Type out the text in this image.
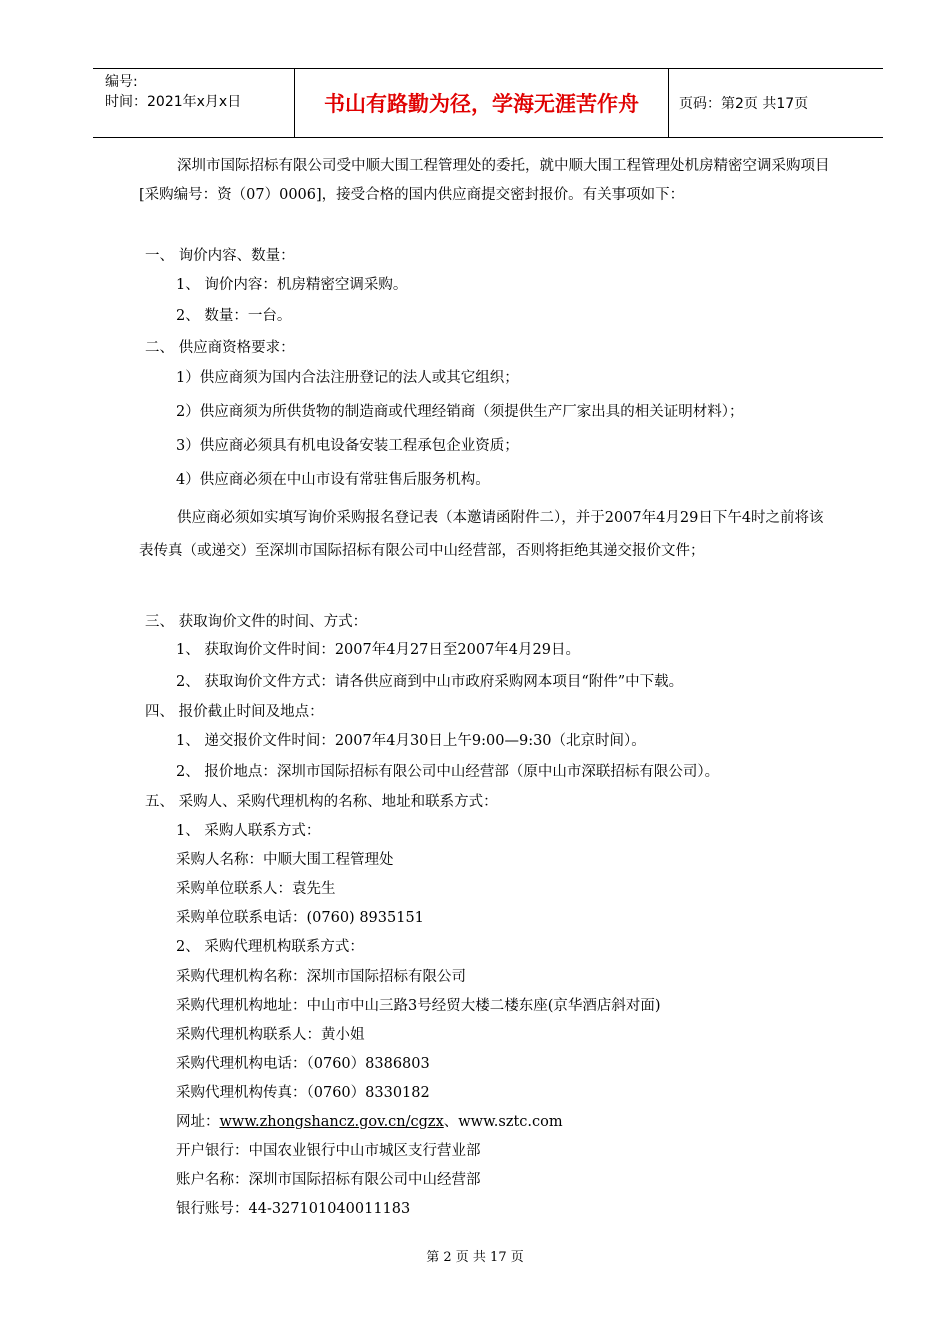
编号:
时间：2021年x月x日	书山有路勤为径，学海无涯苦作舟	页码：第2页 共17页
深圳市国际招标有限公司受中顺大围工程管理处的委托，就中顺大围工程管理处机房精密空调采购项目[采购编号：资（07）0006]，接受合格的国内供应商提交密封报价。有关事项如下：
一、 询价内容、数量：
1、 询价内容：机房精密空调采购。
2、 数量：一台。
二、 供应商资格要求：
1）供应商须为国内合法注册登记的法人或其它组织；
2）供应商须为所供货物的制造商或代理经销商（须提供生产厂家出具的相关证明材料）；
3）供应商必须具有机电设备安装工程承包企业资质；
4）供应商必须在中山市设有常驻售后服务机构。
供应商必须如实填写询价采购报名登记表（本邀请函附件二），并于2007年4月29日下午4时之前将该表传真（或递交）至深圳市国际招标有限公司中山经营部，否则将拒绝其递交报价文件；
三、 获取询价文件的时间、方式：
1、 获取询价文件时间：2007年4月27日至2007年4月29日。
2、 获取询价文件方式：请各供应商到中山市政府采购网本项目“附件”中下载。
四、 报价截止时间及地点：
1、 递交报价文件时间：2007年4月30日上午9:00—9:30（北京时间）。
2、 报价地点：深圳市国际招标有限公司中山经营部（原中山市深联招标有限公司）。
五、 采购人、采购代理机构的名称、地址和联系方式：
1、 采购人联系方式：
采购人名称：中顺大围工程管理处
采购单位联系人：袁先生
采购单位联系电话：(0760) 8935151
2、 采购代理机构联系方式：
采购代理机构名称：深圳市国际招标有限公司
采购代理机构地址：中山市中山三路3号经贸大楼二楼东座(京华酒店斜对面)
采购代理机构联系人：黄小姐
采购代理机构电话：（0760）8386803
采购代理机构传真：（0760）8330182
网址：www.zhongshancz.gov.cn/cgzx、www.sztc.com
开户银行：中国农业银行中山市城区支行营业部
账户名称：深圳市国际招标有限公司中山经营部
银行账号：44-327101040011183
第 2 页 共 17 页
